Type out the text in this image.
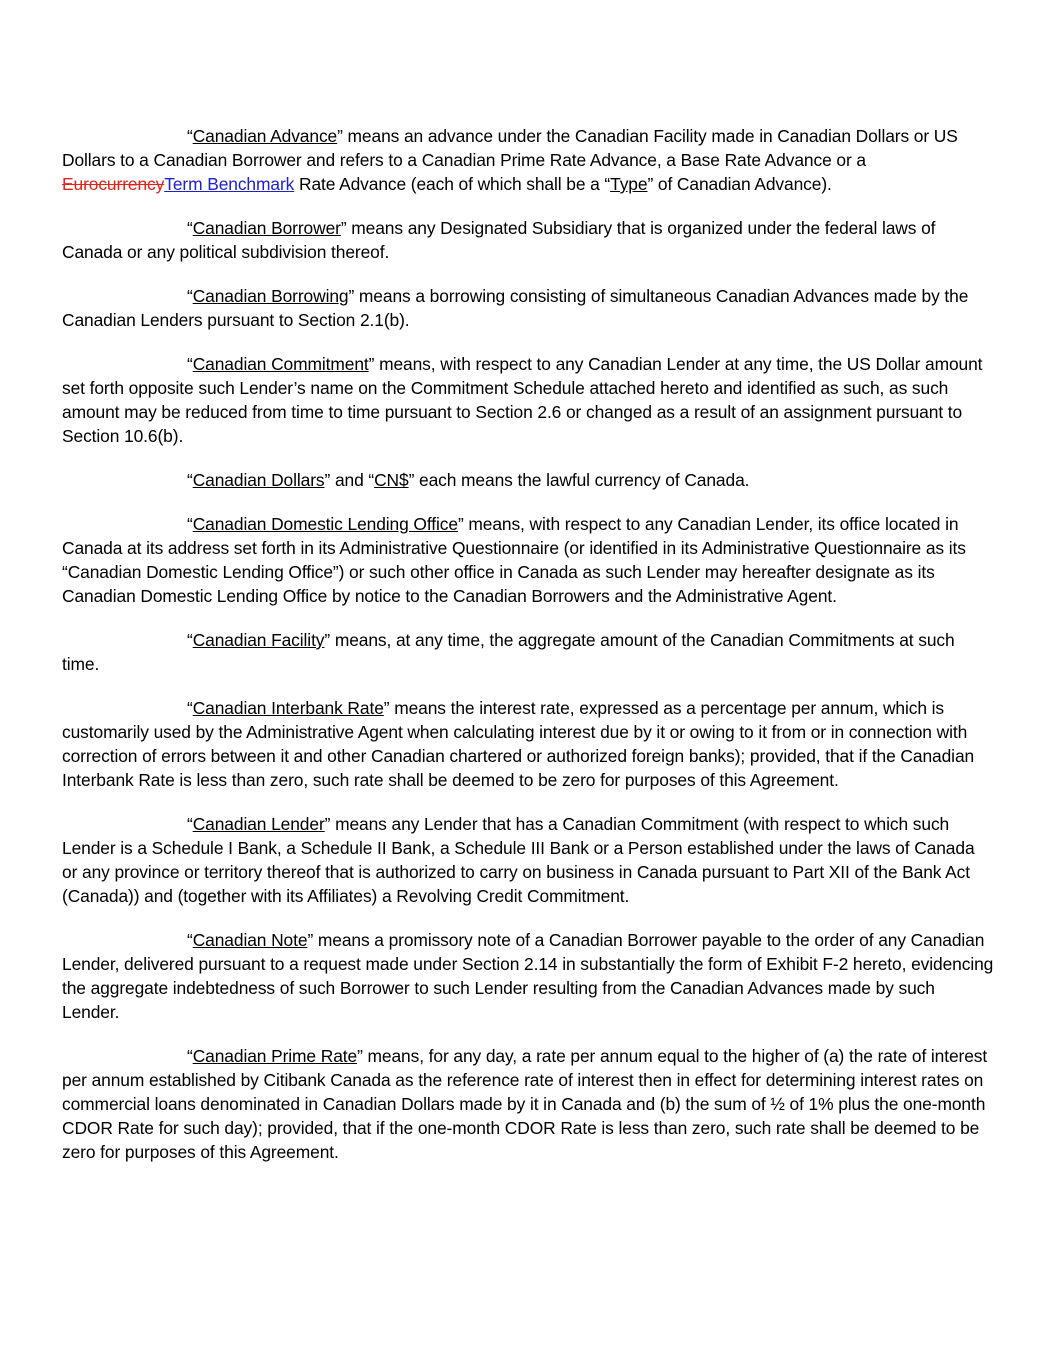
“Canadian Advance” means an advance under the Canadian Facility made in Canadian Dollars or US Dollars to a Canadian Borrower and refers to a Canadian Prime Rate Advance, a Base Rate Advance or a EurocurrencyTerm Benchmark Rate Advance (each of which shall be a “Type” of Canadian Advance).

“Canadian Borrower” means any Designated Subsidiary that is organized under the federal laws of Canada or any political subdivision thereof.

“Canadian Borrowing” means a borrowing consisting of simultaneous Canadian Advances made by the Canadian Lenders pursuant to Section 2.1(b).

“Canadian Commitment” means, with respect to any Canadian Lender at any time, the US Dollar amount set forth opposite such Lender’s name on the Commitment Schedule attached hereto and identified as such, as such amount may be reduced from time to time pursuant to Section 2.6 or changed as a result of an assignment pursuant to Section 10.6(b).

“Canadian Dollars” and “CN$” each means the lawful currency of Canada.

“Canadian Domestic Lending Office” means, with respect to any Canadian Lender, its office located in Canada at its address set forth in its Administrative Questionnaire (or identified in its Administrative Questionnaire as its “Canadian Domestic Lending Office”) or such other office in Canada as such Lender may hereafter designate as its Canadian Domestic Lending Office by notice to the Canadian Borrowers and the Administrative Agent.

“Canadian Facility” means, at any time, the aggregate amount of the Canadian Commitments at such time.

“Canadian Interbank Rate” means the interest rate, expressed as a percentage per annum, which is customarily used by the Administrative Agent when calculating interest due by it or owing to it from or in connection with correction of errors between it and other Canadian chartered or authorized foreign banks); provided, that if the Canadian Interbank Rate is less than zero, such rate shall be deemed to be zero for purposes of this Agreement.

“Canadian Lender” means any Lender that has a Canadian Commitment (with respect to which such Lender is a Schedule I Bank, a Schedule II Bank, a Schedule III Bank or a Person established under the laws of Canada or any province or territory thereof that is authorized to carry on business in Canada pursuant to Part XII of the Bank Act (Canada)) and (together with its Affiliates) a Revolving Credit Commitment.

“Canadian Note” means a promissory note of a Canadian Borrower payable to the order of any Canadian Lender, delivered pursuant to a request made under Section 2.14 in substantially the form of Exhibit F-2 hereto, evidencing the aggregate indebtedness of such Borrower to such Lender resulting from the Canadian Advances made by such Lender.

“Canadian Prime Rate” means, for any day, a rate per annum equal to the higher of (a) the rate of interest per annum established by Citibank Canada as the reference rate of interest then in effect for determining interest rates on commercial loans denominated in Canadian Dollars made by it in Canada and (b) the sum of ½ of 1% plus the one-month CDOR Rate for such day); provided, that if the one-month CDOR Rate is less than zero, such rate shall be deemed to be zero for purposes of this Agreement.
